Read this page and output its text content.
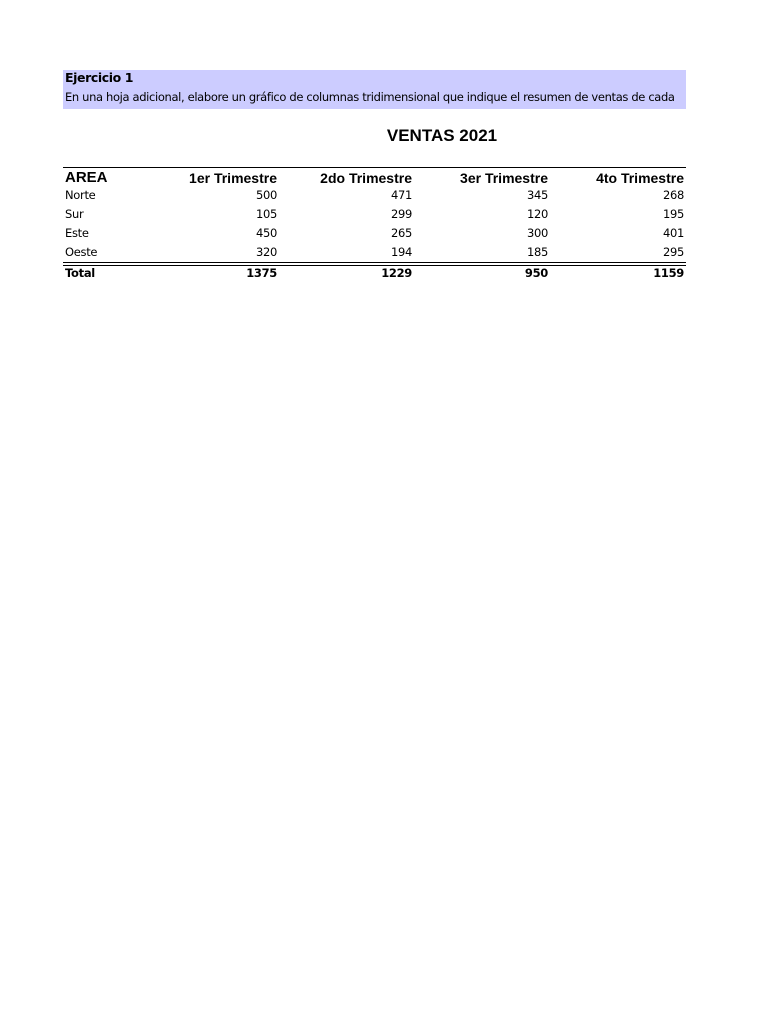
Ejercicio 1
En una hoja adicional, elabore un gráfico de columnas tridimensional que indique el resumen de ventas de cada
VENTAS 2021
AREA	1er Trimestre	2do Trimestre	3er Trimestre	4to Trimestre
Norte	500	471	345	268
Sur	105	299	120	195
Este	450	265	300	401
Oeste	320	194	185	295
Total	1375	1229	950	1159
